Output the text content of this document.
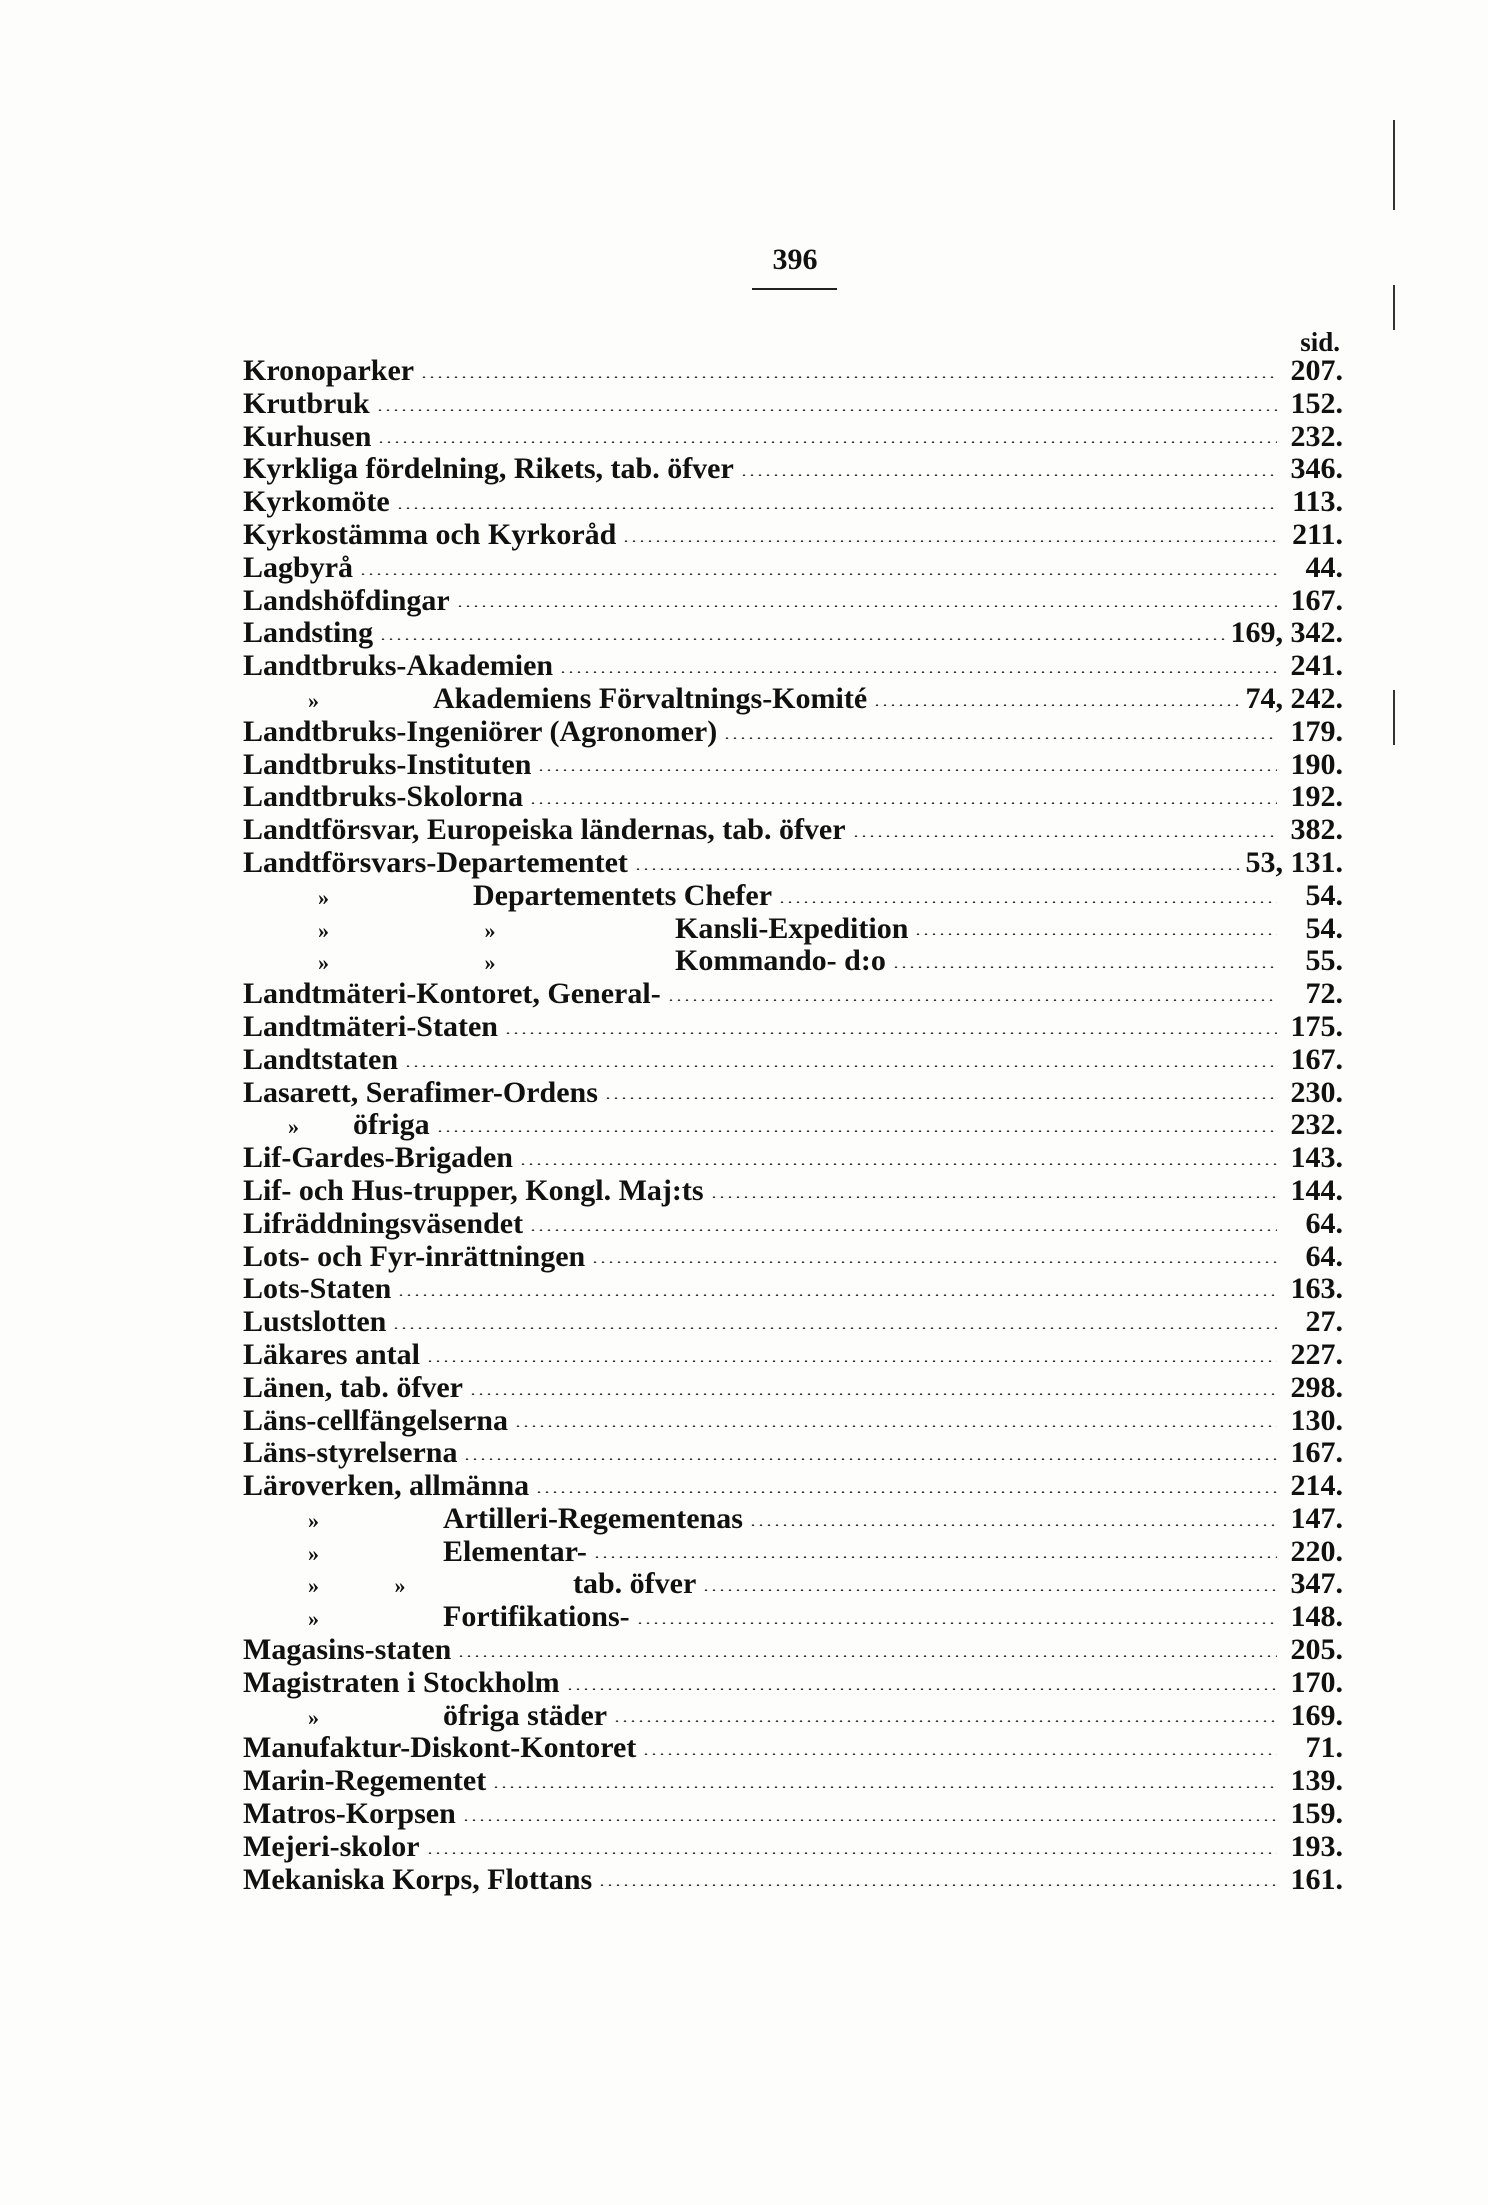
396
sid.
Kronoparker	207.
Krutbruk	152.
Kurhusen	232.
Kyrkliga fördelning, Rikets, tab. öfver	346.
Kyrkomöte	113.
Kyrkostämma och Kyrkoråd	211.
Lagbyrå	44.
Landshöfdingar	167.
Landsting	169, 342.
Landtbruks-Akademien	241.
»	Akademiens Förvaltnings-Komité	74, 242.
Landtbruks-Ingeniörer (Agronomer)	179.
Landtbruks-Instituten	190.
Landtbruks-Skolorna	192.
Landtförsvar, Europeiska ländernas, tab. öfver	382.
Landtförsvars-Departementet	53, 131.
»	Departementets Chefer	54.
» »	Kansli-Expedition	54.
» »	Kommando- d:o	55.
Landtmäteri-Kontoret, General-	72.
Landtmäteri-Staten	175.
Landtstaten	167.
Lasarett, Serafimer-Ordens	230.
»	öfriga	232.
Lif-Gardes-Brigaden	143.
Lif- och Hus-trupper, Kongl. Maj:ts	144.
Lifräddningsväsendet	64.
Lots- och Fyr-inrättningen	64.
Lots-Staten	163.
Lustslotten	27.
Läkares antal	227.
Länen, tab. öfver	298.
Läns-cellfängelserna	130.
Läns-styrelserna	167.
Läroverken, allmänna	214.
»	Artilleri-Regementenas	147.
»	Elementar-	220.
» »	tab. öfver	347.
»	Fortifikations-	148.
Magasins-staten	205.
Magistraten i Stockholm	170.
»	öfriga städer	169.
Manufaktur-Diskont-Kontoret	71.
Marin-Regementet	139.
Matros-Korpsen	159.
Mejeri-skolor	193.
Mekaniska Korps, Flottans	161.
